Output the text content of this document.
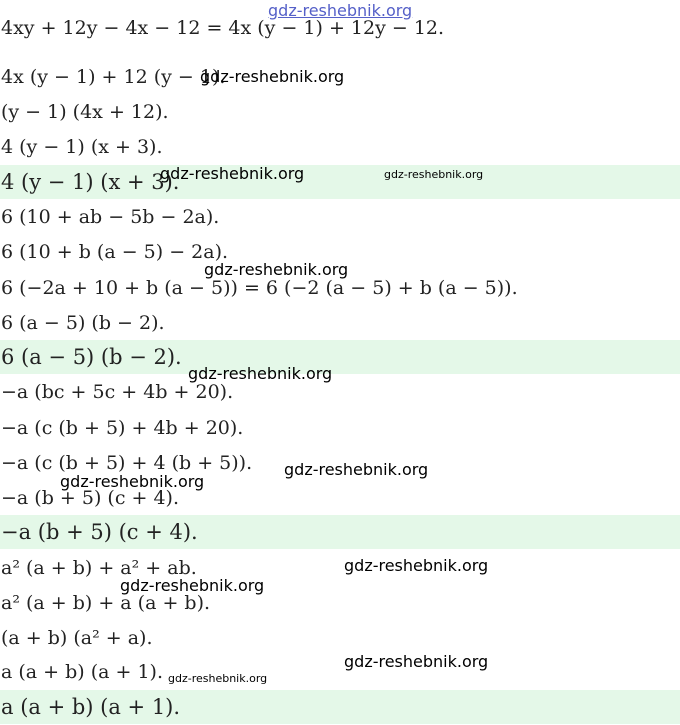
4xy + 12y − 4x − 12 = 4x (y − 1) + 12y − 12.
4x (y − 1) + 12 (y − 1).
(y − 1) (4x + 12).
4 (y − 1) (x + 3).
4 (y − 1) (x + 3).
6 (10 + ab − 5b − 2a).
6 (10 + b (a − 5) − 2a).
6 (−2a + 10 + b (a − 5)) = 6 (−2 (a − 5) + b (a − 5)).
6 (a − 5) (b − 2).
6 (a − 5) (b − 2).
−a (bc + 5c + 4b + 20).
−a (c (b + 5) + 4b + 20).
−a (c (b + 5) + 4 (b + 5)).
−a (b + 5) (c + 4).
−a (b + 5) (c + 4).
a² (a + b) + a² + ab.
a² (a + b) + a (a + b).
(a + b) (a² + a).
a (a + b) (a + 1).
a (a + b) (a + 1).
gdz-reshebnik.org
gdz-reshebnik.org
gdz-reshebnik.org	gdz-reshebnik.org
gdz-reshebnik.org
gdz-reshebnik.org
gdz-reshebnik.org
gdz-reshebnik.org
gdz-reshebnik.org
gdz-reshebnik.org
gdz-reshebnik.org
gdz-reshebnik.org
